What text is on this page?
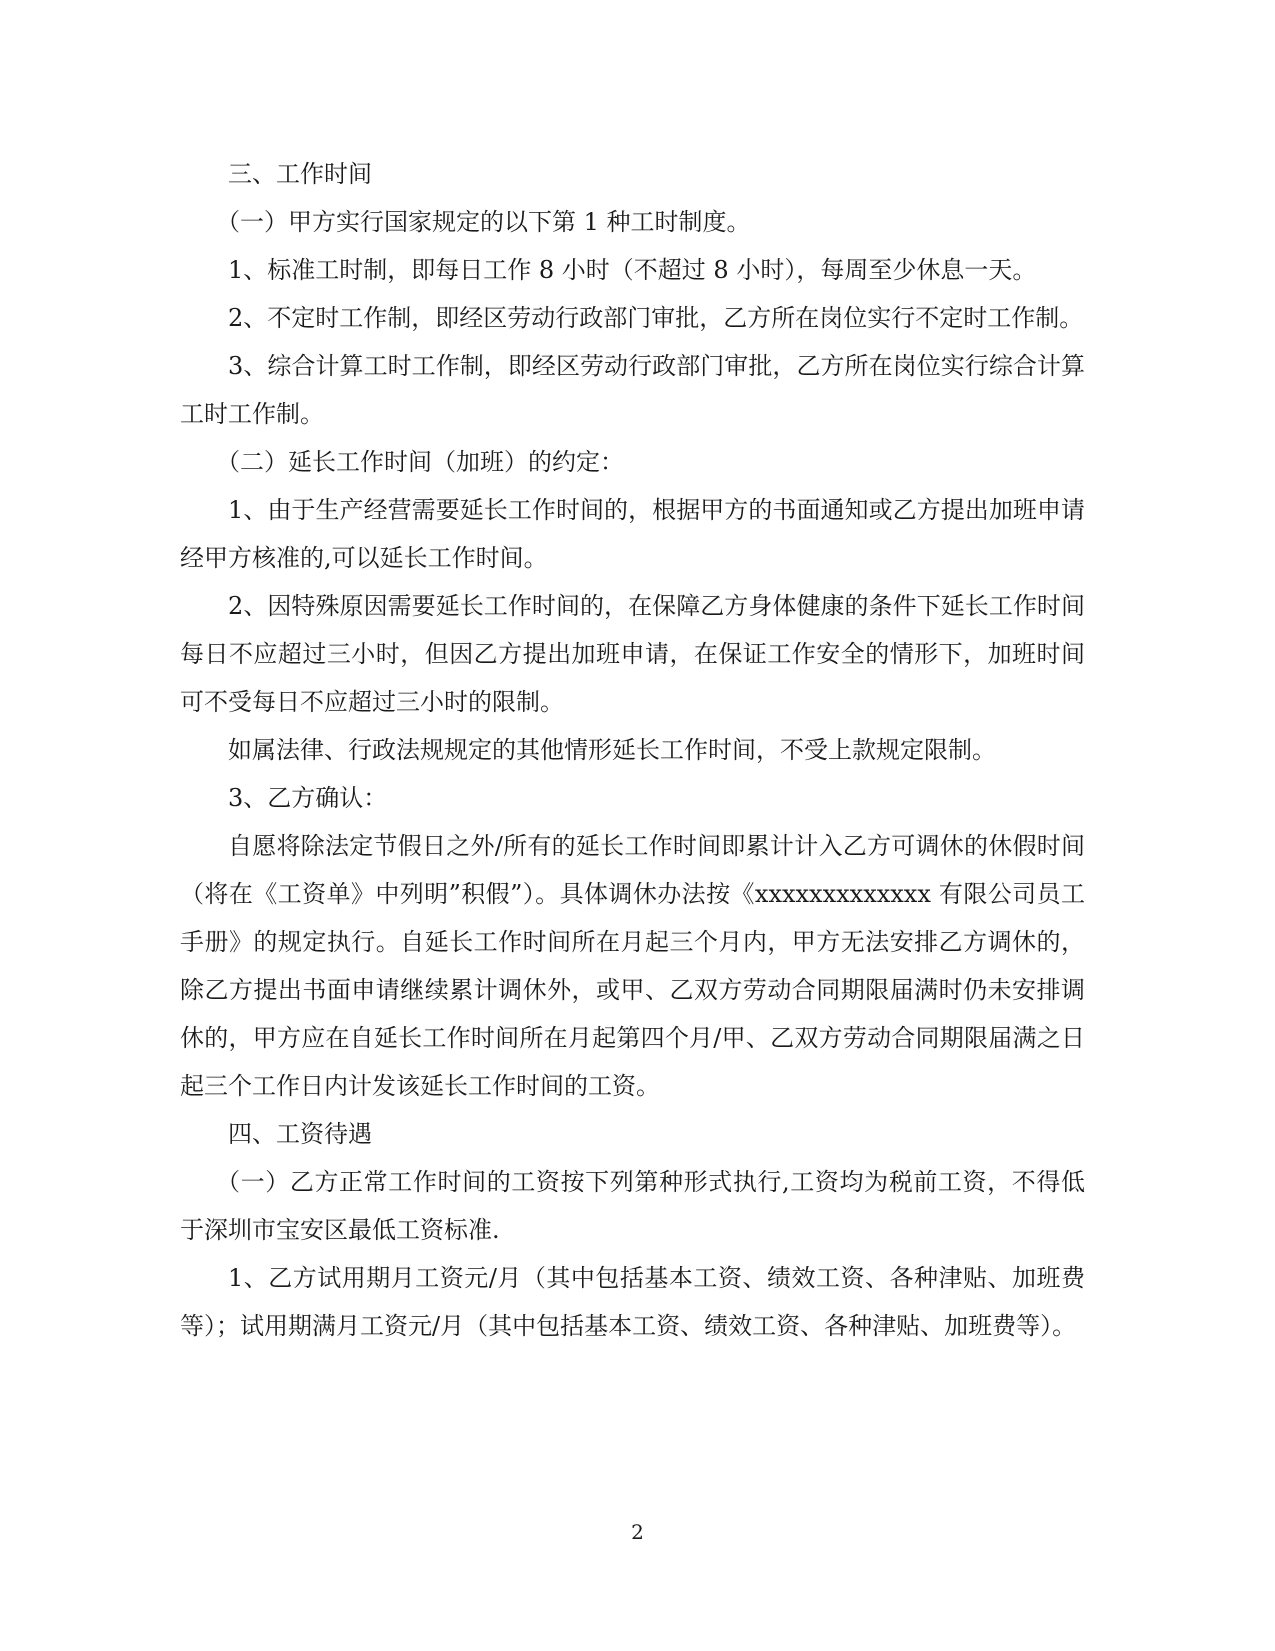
三、工作时间

（一）甲方实行国家规定的以下第 1 种工时制度。

1、标准工时制，即每日工作 8 小时（不超过 8 小时），每周至少休息一天。

2、不定时工作制，即经区劳动行政部门审批，乙方所在岗位实行不定时工作制。

3、综合计算工时工作制，即经区劳动行政部门审批，乙方所在岗位实行综合计算工时工作制。

（二）延长工作时间（加班）的约定：

1、由于生产经营需要延长工作时间的，根据甲方的书面通知或乙方提出加班申请经甲方核准的,可以延长工作时间。

2、因特殊原因需要延长工作时间的，在保障乙方身体健康的条件下延长工作时间每日不应超过三小时，但因乙方提出加班申请，在保证工作安全的情形下，加班时间可不受每日不应超过三小时的限制。

如属法律、行政法规规定的其他情形延长工作时间，不受上款规定限制。

3、乙方确认：

自愿将除法定节假日之外/所有的延长工作时间即累计计入乙方可调休的休假时间（将在《工资单》中列明”积假”）。具体调休办法按《xxxxxxxxxxxxx 有限公司员工手册》的规定执行。自延长工作时间所在月起三个月内，甲方无法安排乙方调休的，除乙方提出书面申请继续累计调休外，或甲、乙双方劳动合同期限届满时仍未安排调休的，甲方应在自延长工作时间所在月起第四个月/甲、乙双方劳动合同期限届满之日起三个工作日内计发该延长工作时间的工资。

四、工资待遇

（一）乙方正常工作时间的工资按下列第种形式执行,工资均为税前工资，不得低于深圳市宝安区最低工资标准.

1、乙方试用期月工资元/月（其中包括基本工资、绩效工资、各种津贴、加班费等）；试用期满月工资元/月（其中包括基本工资、绩效工资、各种津贴、加班费等）。

2
